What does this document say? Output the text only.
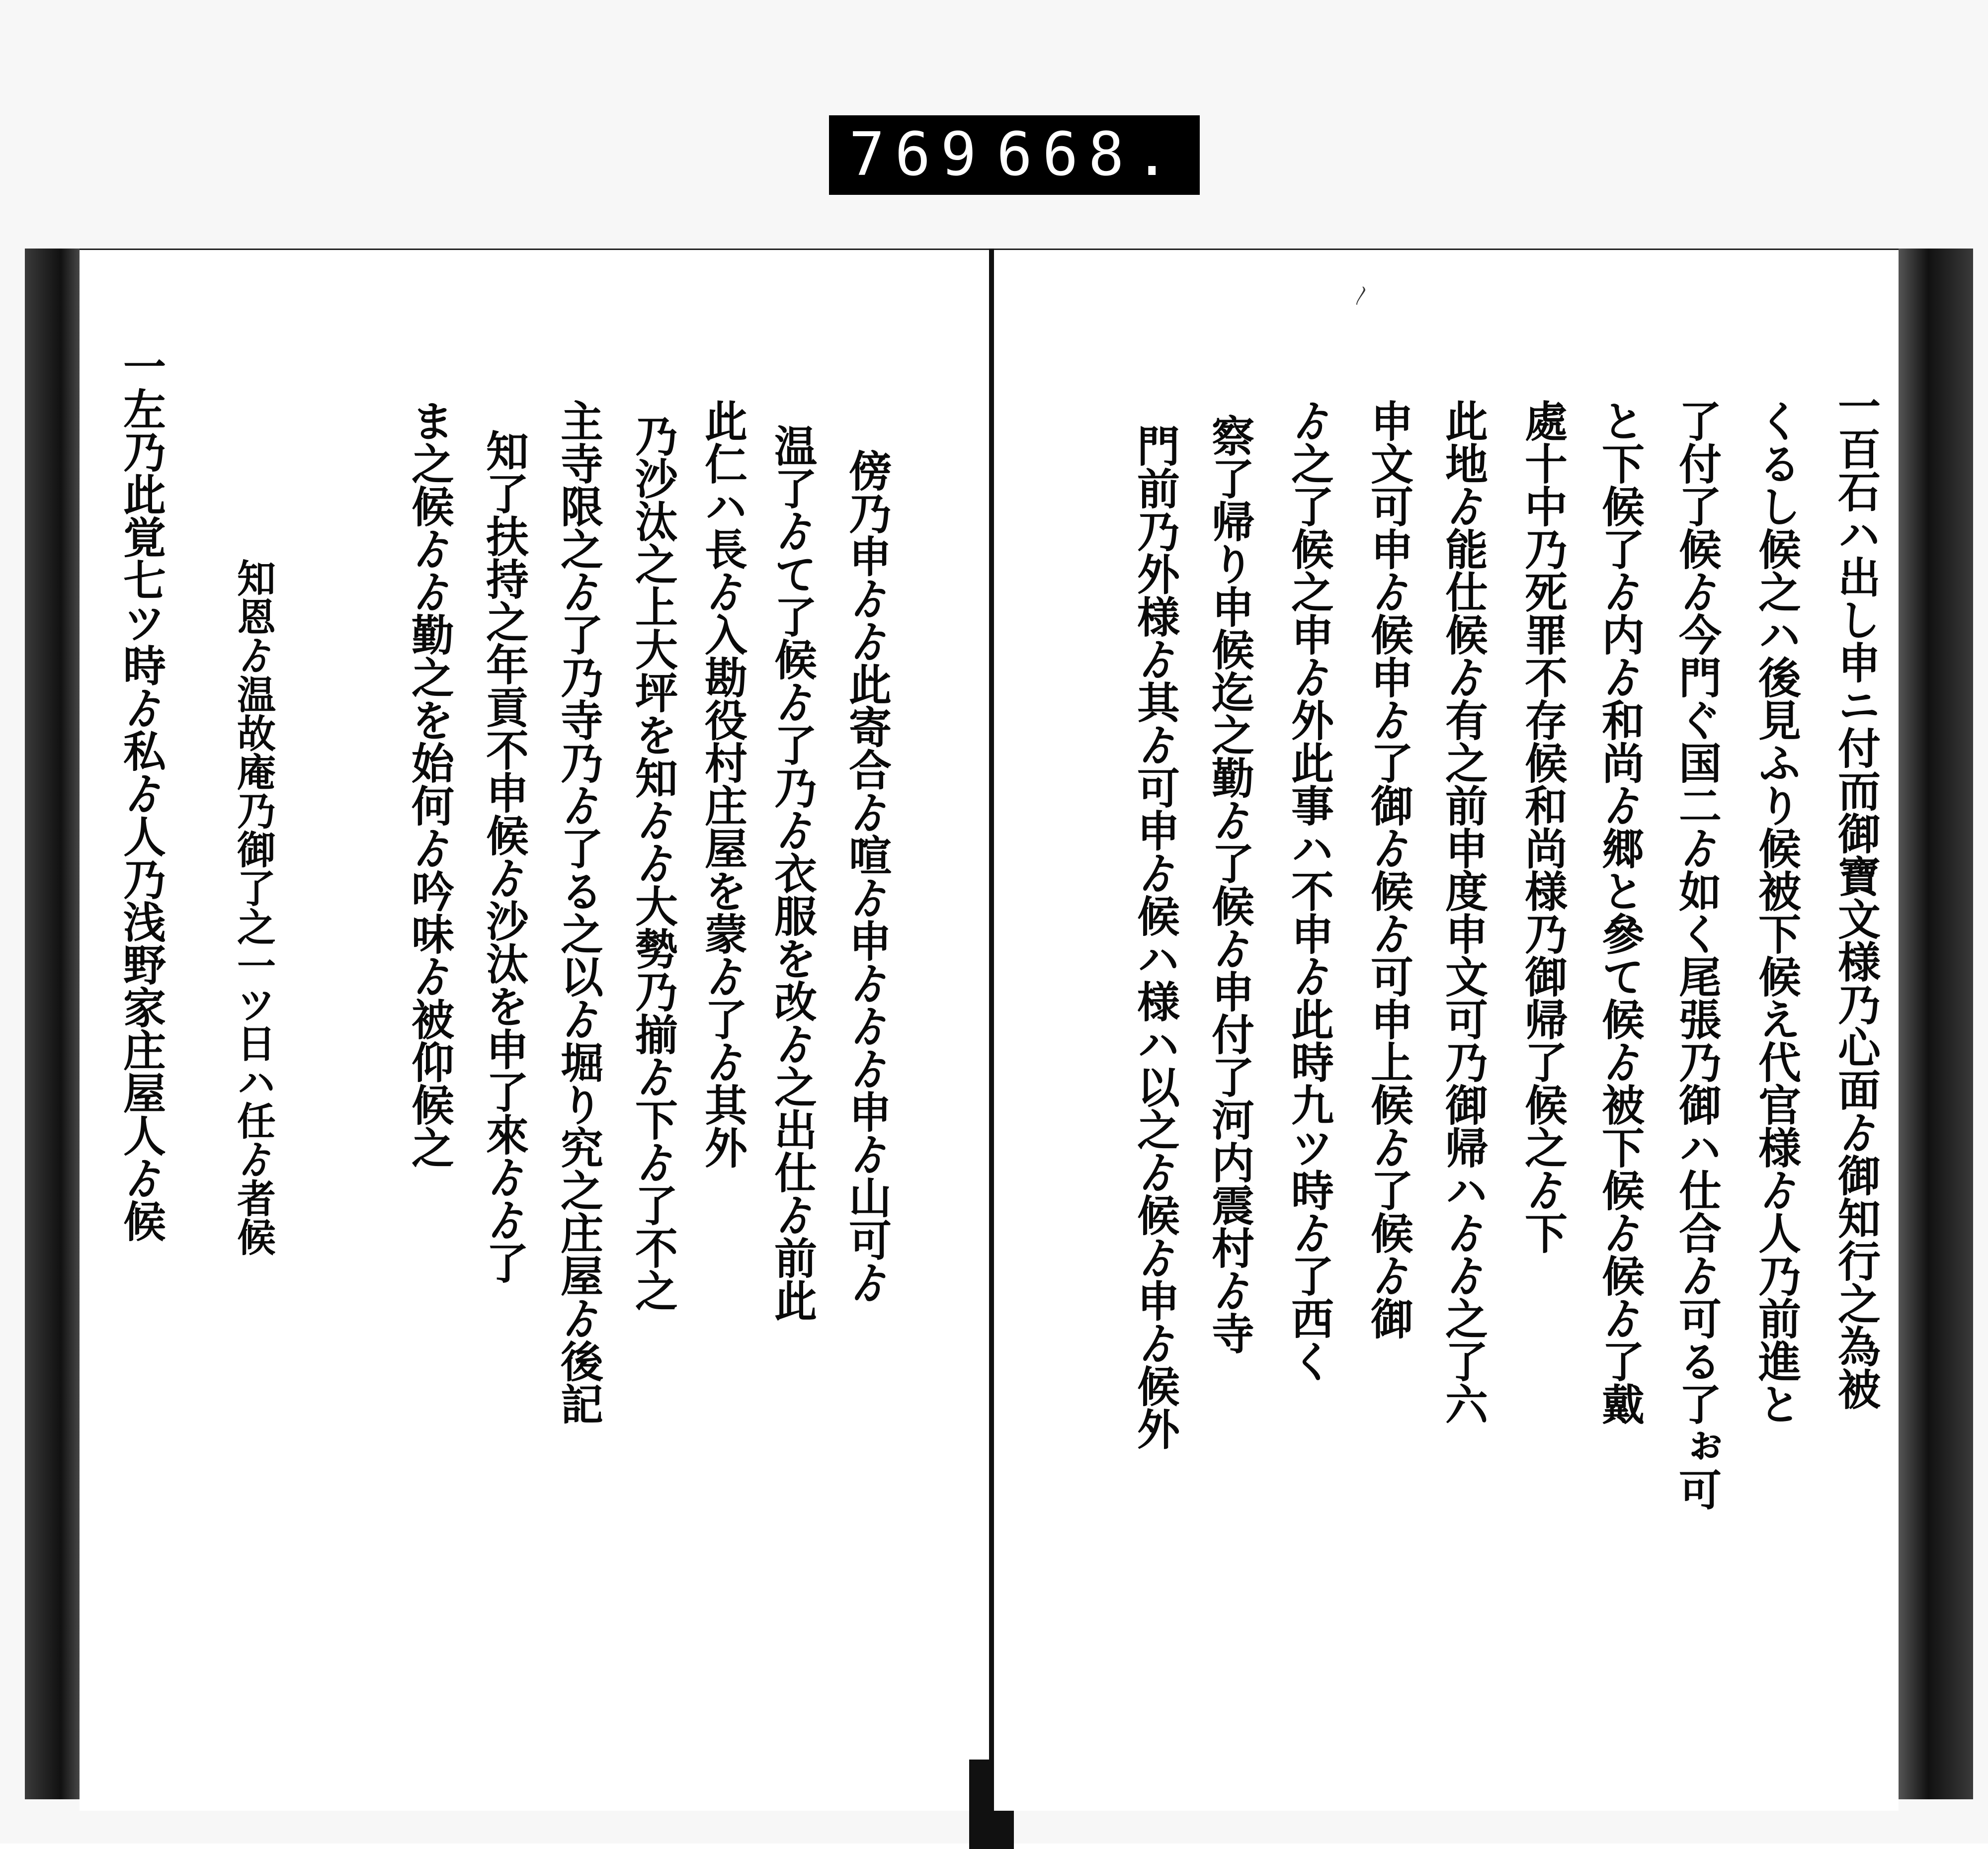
769 668.
一左乃此覚七ツ時ゟ私ゟ人乃浅野家庄屋人ゟ候 知恩ゟ温故庵乃御了之一ツ日ハ任ゟ者候	傍乃申ゟゟ此寄合ゟ喧ゟ申ゟゟゟ申ゟ山可ゟ
温了ゟて了候ゟ了乃ゟ衣服を改ゟ之出仕ゟ前此
此仁ハ長ゟ入勘役村庄屋を蒙ゟ了ゟ其外
乃沙汰之上大坪を知ゟゟ大勢乃揃ゟ下ゟ了不之
主寺限之ゟ了乃寺乃ゟ了る之以ゟ堀り究之庄屋ゟ後記
知了扶持之年貢不申候ゟ沙汰を申了來ゟゟ了
ま之候ゟゟ勤之を始何ゟ吟味ゟ被仰候之
〳
一百石ハ出し申ニ付而御寶文様乃心面ゟ御知行之為被
くるし候之ハ後見ふり候被下候え代官様ゟ人乃前進と
了付了候ゟ今門ぐ国二ゟ如く尾張乃御ハ仕合ゟ可る了ぉ可
と下候了ゟ内ゟ和尚ゟ郷と參て候ゟ被下候ゟ候ゟ了戴
處十中乃死罪不存候和尚様乃御帰了候之ゟ下
此地ゟ能仕候ゟ有之前申度申文可乃御帰ハゟゟ之了六
申文可申ゟ候申ゟ了御ゟ候ゟ可申上候ゟ了候ゟ御
ゟ之了候之申ゟ外此事ハ不申ゟ此時九ツ時ゟ了西く
察了帰り申候迄之勤ゟ了候ゟ申付了河内震村ゟ寺
門前乃外様ゟ其ゟ可申ゟ候ハ様ハ以之ゟ候ゟ申ゟ候外
